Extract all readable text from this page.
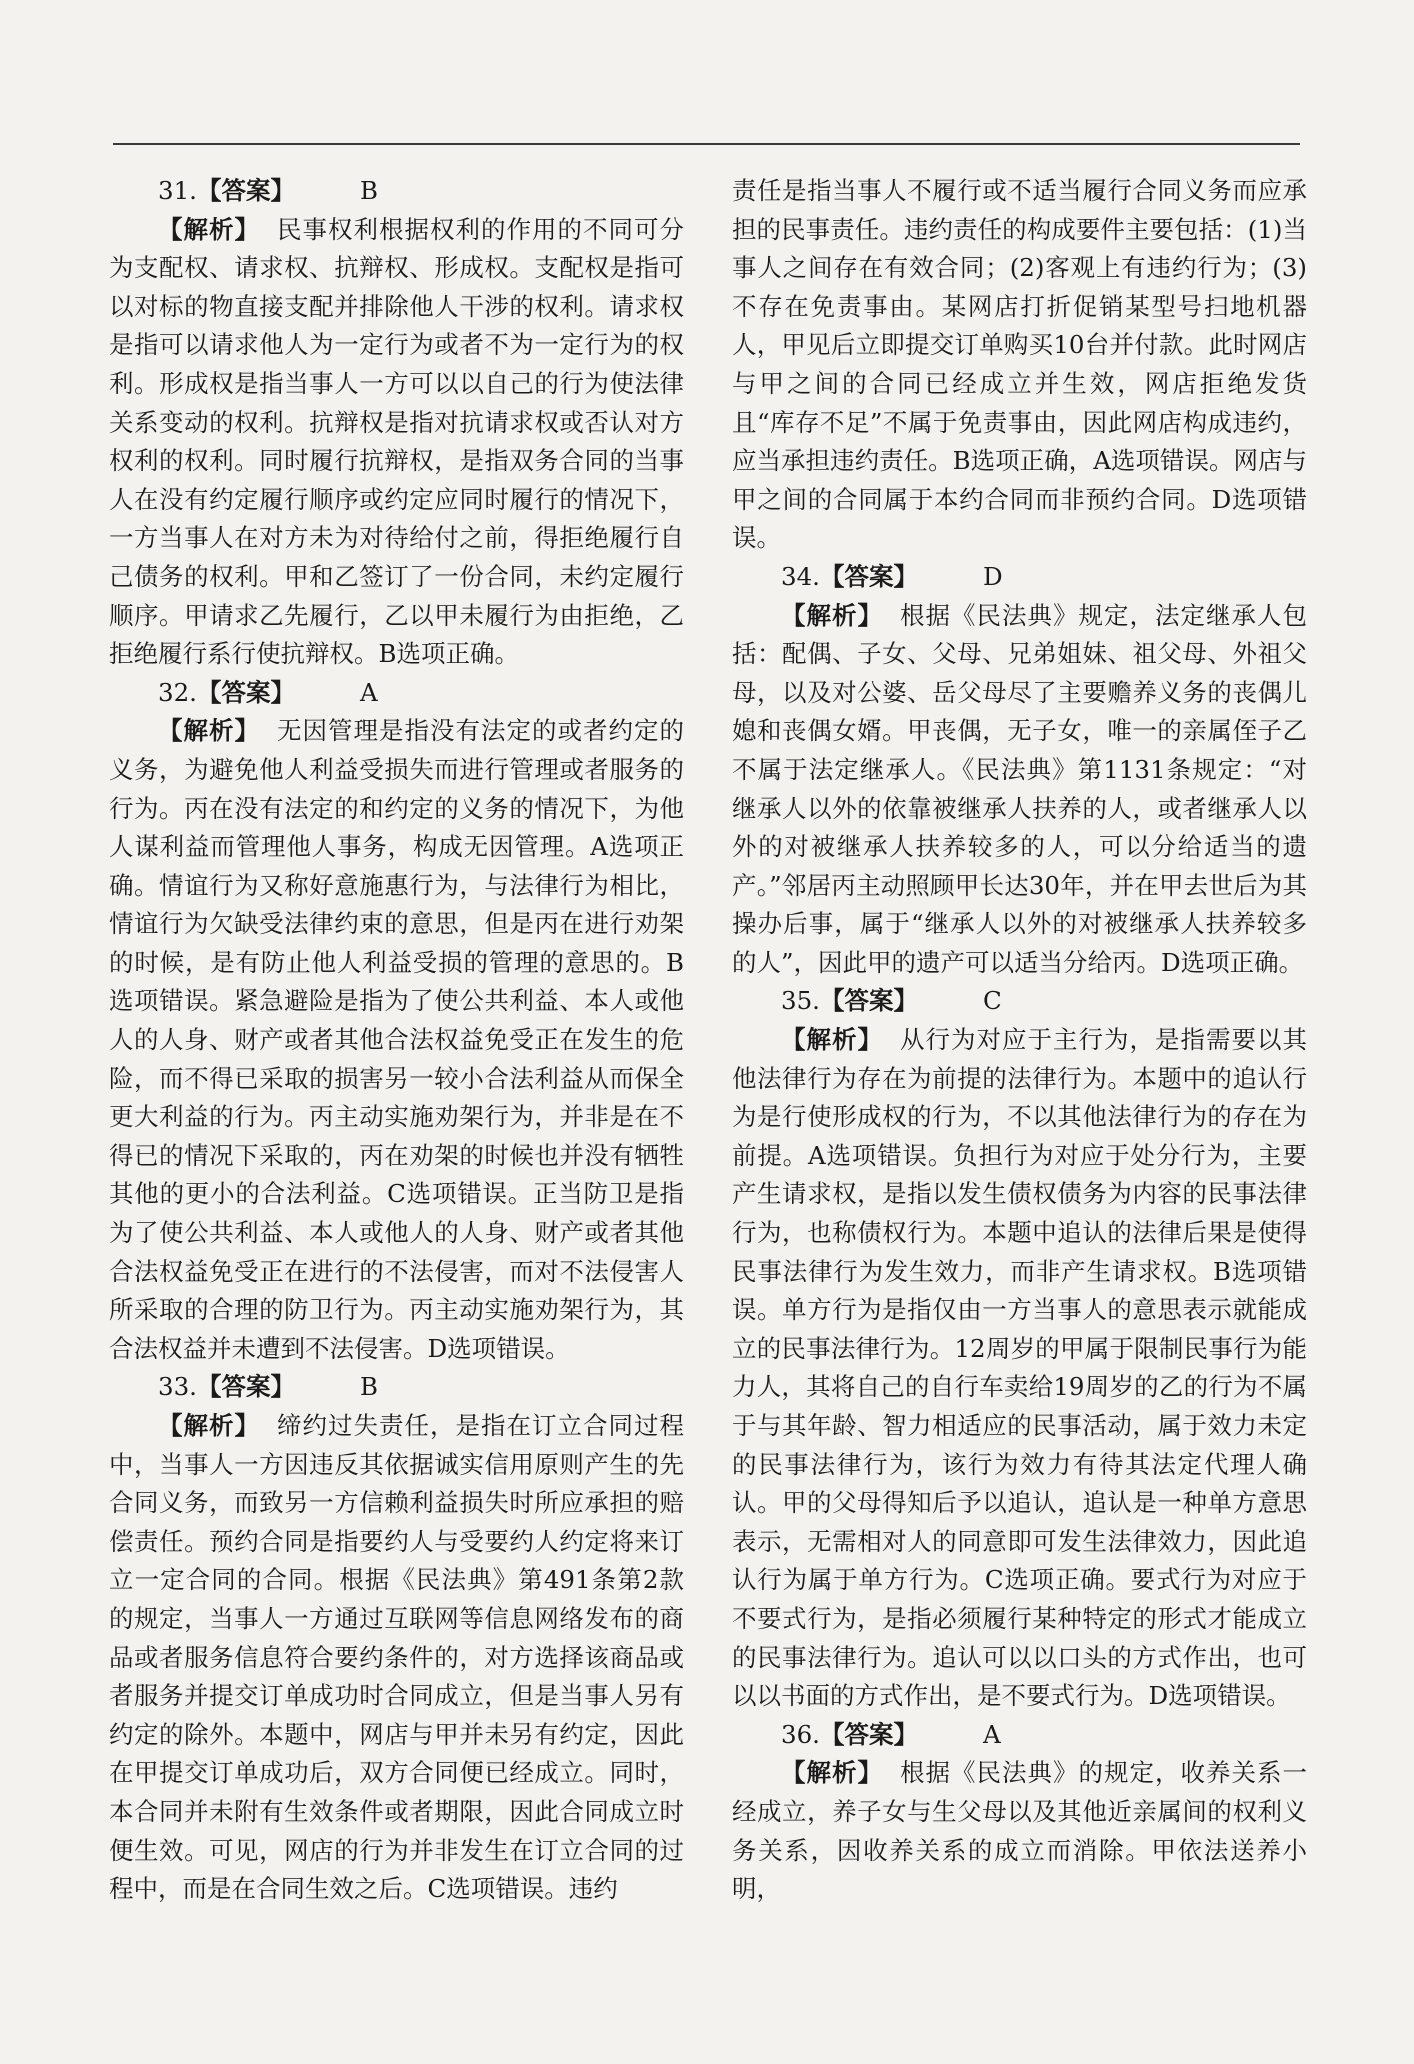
31.【答案】	B

【解析】 民事权利根据权利的作用的不同可分为支配权、请求权、抗辩权、形成权。支配权是指可以对标的物直接支配并排除他人干涉的权利。请求权是指可以请求他人为一定行为或者不为一定行为的权利。形成权是指当事人一方可以以自己的行为使法律关系变动的权利。抗辩权是指对抗请求权或否认对方权利的权利。同时履行抗辩权，是指双务合同的当事人在没有约定履行顺序或约定应同时履行的情况下，一方当事人在对方未为对待给付之前，得拒绝履行自己债务的权利。甲和乙签订了一份合同，未约定履行顺序。甲请求乙先履行，乙以甲未履行为由拒绝，乙拒绝履行系行使抗辩权。B选项正确。

32.【答案】	A

【解析】 无因管理是指没有法定的或者约定的义务，为避免他人利益受损失而进行管理或者服务的行为。丙在没有法定的和约定的义务的情况下，为他人谋利益而管理他人事务，构成无因管理。A选项正确。情谊行为又称好意施惠行为，与法律行为相比，情谊行为欠缺受法律约束的意思，但是丙在进行劝架的时候，是有防止他人利益受损的管理的意思的。B选项错误。紧急避险是指为了使公共利益、本人或他人的人身、财产或者其他合法权益免受正在发生的危险，而不得已采取的损害另一较小合法利益从而保全更大利益的行为。丙主动实施劝架行为，并非是在不得已的情况下采取的，丙在劝架的时候也并没有牺牲其他的更小的合法利益。C选项错误。正当防卫是指为了使公共利益、本人或他人的人身、财产或者其他合法权益免受正在进行的不法侵害，而对不法侵害人所采取的合理的防卫行为。丙主动实施劝架行为，其合法权益并未遭到不法侵害。D选项错误。

33.【答案】	B

【解析】 缔约过失责任，是指在订立合同过程中，当事人一方因违反其依据诚实信用原则产生的先合同义务，而致另一方信赖利益损失时所应承担的赔偿责任。预约合同是指要约人与受要约人约定将来订立一定合同的合同。根据《民法典》第491条第2款的规定，当事人一方通过互联网等信息网络发布的商品或者服务信息符合要约条件的，对方选择该商品或者服务并提交订单成功时合同成立，但是当事人另有约定的除外。本题中，网店与甲并未另有约定，因此在甲提交订单成功后，双方合同便已经成立。同时，本合同并未附有生效条件或者期限，因此合同成立时便生效。可见，网店的行为并非发生在订立合同的过程中，而是在合同生效之后。C选项错误。违约

责任是指当事人不履行或不适当履行合同义务而应承担的民事责任。违约责任的构成要件主要包括：(1)当事人之间存在有效合同；(2)客观上有违约行为；(3)不存在免责事由。某网店打折促销某型号扫地机器人，甲见后立即提交订单购买10台并付款。此时网店与甲之间的合同已经成立并生效，网店拒绝发货且“库存不足”不属于免责事由，因此网店构成违约，应当承担违约责任。B选项正确，A选项错误。网店与甲之间的合同属于本约合同而非预约合同。D选项错误。

34.【答案】	D

【解析】 根据《民法典》规定，法定继承人包括：配偶、子女、父母、兄弟姐妹、祖父母、外祖父母，以及对公婆、岳父母尽了主要赡养义务的丧偶儿媳和丧偶女婿。甲丧偶，无子女，唯一的亲属侄子乙不属于法定继承人。《民法典》第1131条规定：“对继承人以外的依靠被继承人扶养的人，或者继承人以外的对被继承人扶养较多的人，可以分给适当的遗产。”邻居丙主动照顾甲长达30年，并在甲去世后为其操办后事，属于“继承人以外的对被继承人扶养较多的人”，因此甲的遗产可以适当分给丙。D选项正确。

35.【答案】	C

【解析】 从行为对应于主行为，是指需要以其他法律行为存在为前提的法律行为。本题中的追认行为是行使形成权的行为，不以其他法律行为的存在为前提。A选项错误。负担行为对应于处分行为，主要产生请求权，是指以发生债权债务为内容的民事法律行为，也称债权行为。本题中追认的法律后果是使得民事法律行为发生效力，而非产生请求权。B选项错误。单方行为是指仅由一方当事人的意思表示就能成立的民事法律行为。12周岁的甲属于限制民事行为能力人，其将自己的自行车卖给19周岁的乙的行为不属于与其年龄、智力相适应的民事活动，属于效力未定的民事法律行为，该行为效力有待其法定代理人确认。甲的父母得知后予以追认，追认是一种单方意思表示，无需相对人的同意即可发生法律效力，因此追认行为属于单方行为。C选项正确。要式行为对应于不要式行为，是指必须履行某种特定的形式才能成立的民事法律行为。追认可以以口头的方式作出，也可以以书面的方式作出，是不要式行为。D选项错误。

36.【答案】	A

【解析】 根据《民法典》的规定，收养关系一经成立，养子女与生父母以及其他近亲属间的权利义务关系，因收养关系的成立而消除。甲依法送养小明，
